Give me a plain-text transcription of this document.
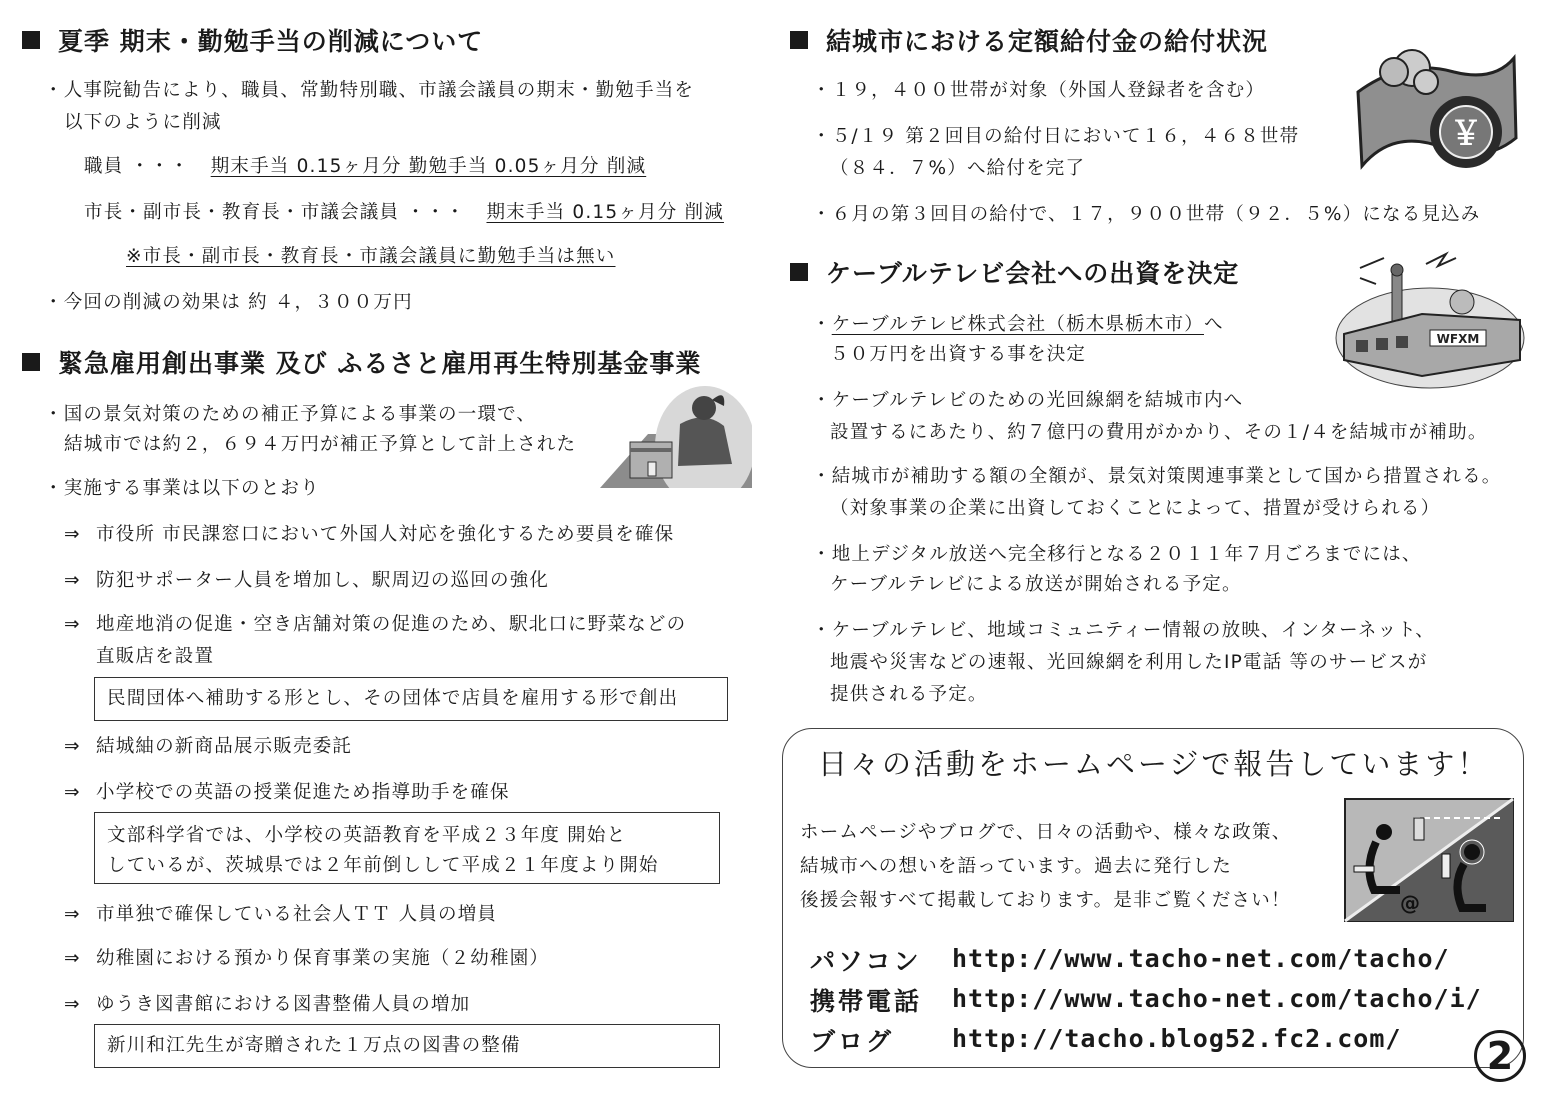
夏季 期末・勤勉手当の削減について
・人事院勧告により、職員、常勤特別職、市議会議員の期末・勤勉手当を
以下のように削減
職員 ・・・ 期末手当 0.15ヶ月分 勤勉手当 0.05ヶ月分 削減
市長・副市長・教育長・市議会議員 ・・・ 期末手当 0.15ヶ月分 削減
※市長・副市長・教育長・市議会議員に勤勉手当は無い
・今回の削減の効果は 約 ４，３００万円
緊急雇用創出事業 及び ふるさと雇用再生特別基金事業
・国の景気対策のための補正予算による事業の一環で、
結城市では約２，６９４万円が補正予算として計上された
・実施する事業は以下のとおり
⇒ 市役所 市民課窓口において外国人対応を強化するため要員を確保
⇒ 防犯サポーター人員を増加し、駅周辺の巡回の強化
⇒ 地産地消の促進・空き店舗対策の促進のため、駅北口に野菜などの
直販店を設置
民間団体へ補助する形とし、その団体で店員を雇用する形で創出
⇒ 結城紬の新商品展示販売委託
⇒ 小学校での英語の授業促進ため指導助手を確保
文部科学省では、小学校の英語教育を平成２３年度 開始と
しているが、茨城県では２年前倒しして平成２１年度より開始
⇒ 市単独で確保している社会人ＴＴ 人員の増員
⇒ 幼稚園における預かり保育事業の実施（２幼稚園）
⇒ ゆうき図書館における図書整備人員の増加
新川和江先生が寄贈された１万点の図書の整備
結城市における定額給付金の給付状況
￥
・１９，４００世帯が対象（外国人登録者を含む）
・５/１９ 第２回目の給付日において１６，４６８世帯
（８４．７%）へ給付を完了
・６月の第３回目の給付で、１７，９００世帯（９２．５%）になる見込み
ケーブルテレビ会社への出資を決定
WFXM
・ケーブルテレビ株式会社（栃木県栃木市）へ
５０万円を出資する事を決定
・ケーブルテレビのための光回線網を結城市内へ
設置するにあたり、約７億円の費用がかかり、その１/４を結城市が補助。
・結城市が補助する額の全額が、景気対策関連事業として国から措置される。
（対象事業の企業に出資しておくことによって、措置が受けられる）
・地上デジタル放送へ完全移行となる２０１１年７月ごろまでには、
ケーブルテレビによる放送が開始される予定。
・ケーブルテレビ、地域コミュニティー情報の放映、インターネット、
地震や災害などの速報、光回線網を利用したIP電話 等のサービスが
提供される予定。
日々の活動をホームページで報告しています！
ホームページやブログで、日々の活動や、様々な政策、
結城市への想いを語っています。過去に発行した
後援会報すべて掲載しております。是非ご覧ください！	@
パソコン http://www.tacho-net.com/tacho/
携帯電話 http://www.tacho-net.com/tacho/i/
ブログ http://tacho.blog52.fc2.com/	2
